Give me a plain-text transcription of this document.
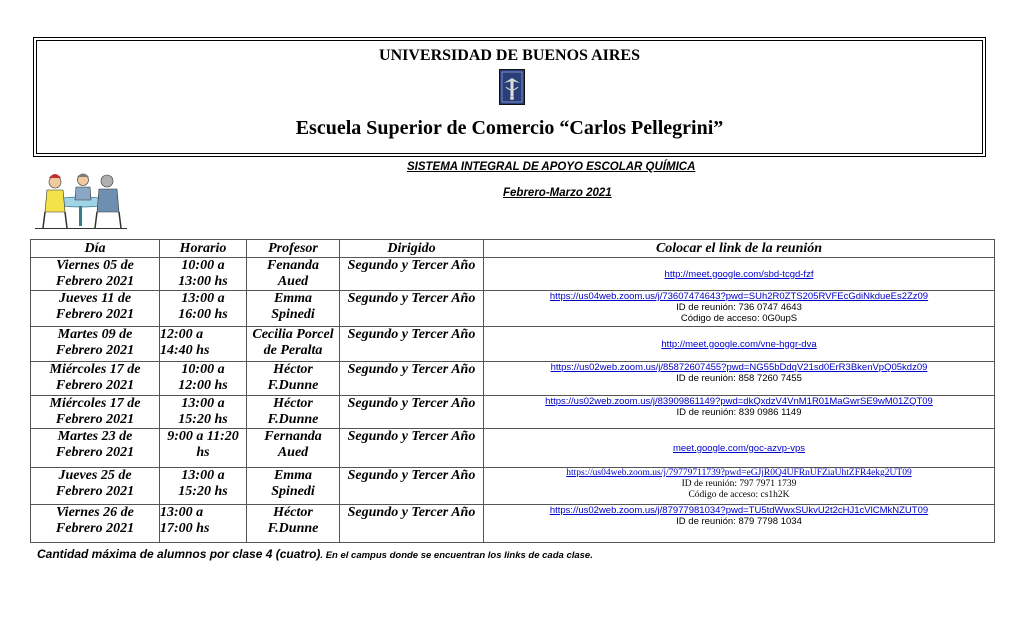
UNIVERSIDAD DE BUENOS AIRES
Escuela Superior de Comercio “Carlos Pellegrini”
SISTEMA INTEGRAL DE APOYO ESCOLAR QUÍMICA
Febrero-Marzo 2021
Día	Horario	Profesor	Dirigido	Colocar el link de la reunión
Viernes 05 de
Febrero 2021	10:00 a
13:00 hs	Fenanda
Aued	Segundo y Tercer Año	http://meet.google.com/sbd-tcgd-fzf

Jueves 11 de
Febrero 2021	13:00 a
16:00 hs	Emma
Spinedi	Segundo y Tercer Año	https://us04web.zoom.us/j/73607474643?pwd=SUh2R0ZTS205RVFEcGdiNkdueEs2Zz09
ID de reunión: 736 0747 4643
Código de acceso: 0G0upS

Martes 09 de
Febrero 2021	12:00 a
14:40 hs	Cecilia Porcel
de Peralta	Segundo y Tercer Año	http://meet.google.com/vne-hggr-dva

Miércoles 17 de
Febrero 2021	10:00 a
12:00 hs	Héctor
F.Dunne	Segundo y Tercer Año	https://us02web.zoom.us/j/85872607455?pwd=NG55bDdqV21sd0ErR3BkenVpQ05kdz09
ID de reunión: 858 7260 7455

Miércoles 17 de
Febrero 2021	13:00 a
15:20 hs	Héctor
F.Dunne	Segundo y Tercer Año	https://us02web.zoom.us/j/83909861149?pwd=dkQxdzV4VnM1R01MaGwrSE9wM01ZQT09
ID de reunión: 839 0986 1149

Martes 23 de
Febrero 2021	9:00 a 11:20
hs	Fernanda
Aued	Segundo y Tercer Año	meet.google.com/goc-azvp-vps

Jueves 25 de
Febrero 2021	13:00 a
15:20 hs	Emma
Spinedi	Segundo y Tercer Año	https://us04web.zoom.us/j/79779711739?pwd=eGJjR0Q4UFRnUFZiaUhtZFR4ekg2UT09
ID de reunión: 797 7971 1739
Código de acceso: cs1h2K

Viernes 26 de
Febrero 2021	13:00 a
17:00 hs	Héctor
F.Dunne	Segundo y Tercer Año	https://us02web.zoom.us/j/87977981034?pwd=TU5tdWwxSUkvU2t2cHJ1cVlCMkNZUT09
ID de reunión: 879 7798 1034
Cantidad máxima de alumnos por clase 4 (cuatro). En el campus donde se encuentran los links de cada clase.
